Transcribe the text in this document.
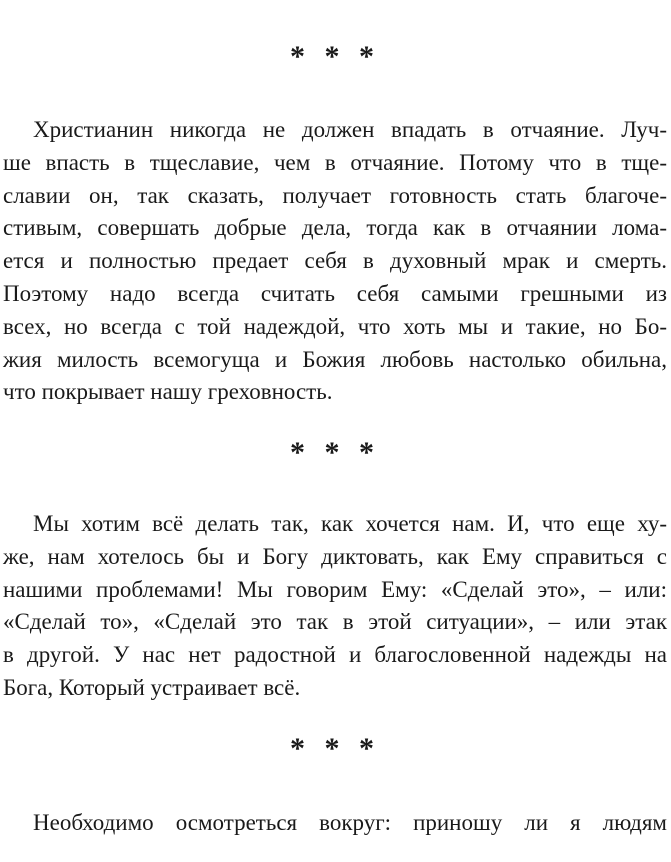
* * *
Христианин никогда не должен впадать в отчаяние. Луч-
ше впасть в тщеславие, чем в отчаяние. Потому что в тще-
славии он, так сказать, получает готовность стать благоче-
стивым, совершать добрые дела, тогда как в отчаянии лома-
ется и полностью предает себя в духовный мрак и смерть.
Поэтому надо всегда считать себя самыми грешными из
всех, но всегда с той надеждой, что хоть мы и такие, но Бо-
жия милость всемогуща и Божия любовь настолько обильна,
что покрывает нашу греховность.
* * *
Мы хотим всё делать так, как хочется нам. И, что еще ху-
же, нам хотелось бы и Богу диктовать, как Ему справиться с
нашими проблемами! Мы говорим Ему: «Сделай это», – или:
«Сделай то», «Сделай это так в этой ситуации», – или этак
в другой. У нас нет радостной и благословенной надежды на
Бога, Который устраивает всё.
* * *
Необходимо осмотреться вокруг: приношу ли я людям
